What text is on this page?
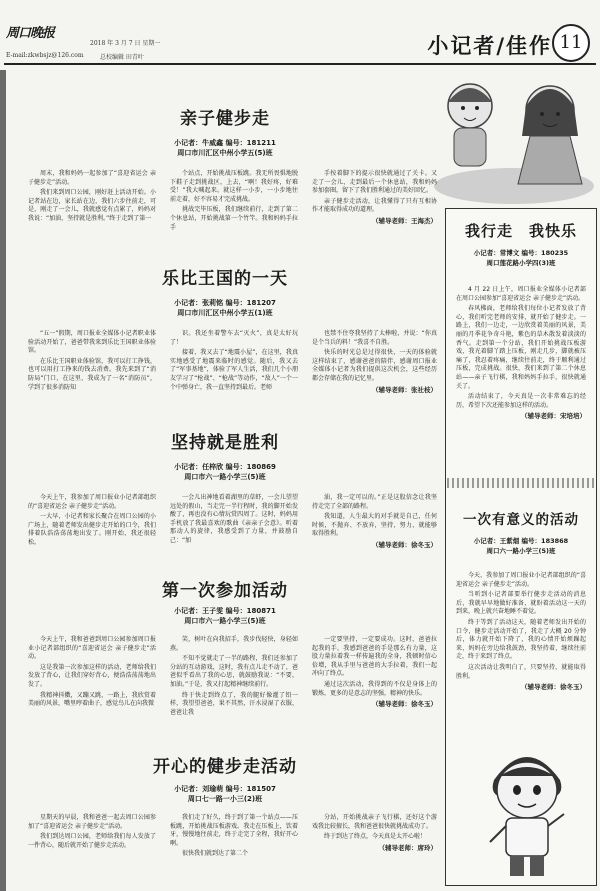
周口晚报
2018 年 3 月 7 日 星期一
E-mail:zkwbsjz@126.com	总校编辑 田青叶	小记者/佳作 11
亲子健步走
小记者：牛威鑫 编号：181211
周口市川汇区中州小学五(5)班

周末，我和妈妈一起参加了“喜迎省运会 亲子健步走”活动。

我们来到周口公园，刚好赶上活动开始。小记者站在边，家长站在边，我们六步往前走，可是，刚走了一会儿，我就感觉有点累了，妈妈对我说：“加油，坚持就是胜利。”终于走到了第一

个站点，开始挑战压板跳。我无所畏惧地脱下鞋子走到挑战区，上去，“啊！我好疼，好难受！”我大喊起来。就这样一小步，一小步地往前走着，好不容易才完成挑战。

挑战完毕压板，我们继续前行，走到了第二个休息站，开始挑战第一个竹竿。我和妈妈手拉手

手按着脚下的提示很快就通过了关卡。又走了一会儿，走到最后一个休息站，我和妈妈参加套圈，留下了我们胜利通过的美好回忆。

亲子健步走活动，让我懂得了只有互相协作才能取得成功的道理。

（辅导老师：王海杰）
乐比王国的一天
小记者：张莉铭 编号：181207
周口市川汇区中州小学五(1)班

“五一”假期，周口报业全媒体小记者职业体验活动开始了，爸爸带我来到乐比王国职业体验馆。

在乐比王国职业体验馆，我可以打工挣钱，也可以用打工挣来的钱去消费。我先来到了“消防局”门口，在这里，我成为了一名“消防员”，学到了很多消防知

识。我还坐着警车去“灭火”，真是太好玩了！

接着，我又去了“地震小屋”，在这里，我真实地感受了地震来临时的感觉。随后，我又去了“军事基地”，体验了军人生活，我们几个小朋友学习了“枪战”、“枪战”等动作，“敌人”一个一个中弹身亡，我一直坚持到最后。老师

也禁不住夸我坚持了太棒啦，并说：“你真是个当兵的料！”我喜不自胜。

快乐的时光总是过得很快，一天的体验就这样结束了，感谢爸爸的陪伴，感谢周口报业全媒体小记者为我们提供这次机会，这些经历都会存储在我的记忆里。

（辅导老师：张社枝）
坚持就是胜利
小记者：任梓欣 编号：180869
周口市六一路小学三(5)班

今天上午，我参加了周口报业小记者部组织的“喜迎省运会 亲子健步走”活动。

一大早，小记者和家长聚合在周口公园的小广场上，随着老师发出健步走开始的口令，我们排着队浩浩荡荡地出发了。刚开始，我还很轻松。

一会儿出神地看着湖里的草虾，一会儿望望远处的假山，当走完一半行程时，我的脚开始发酸了，再也没有心情玩赏四周了。这时，妈妈用手机放了我最喜欢的歌曲《亲亲子会意》。听着那动人的旋律，我感受到了力量，并鼓励自己：“加

油，我一定可以的。”正是这股信念让我坚持走完了全部的路程。

我知道，人生最大的对手就是自己，任何时候，不抛弃、不放弃，坚持，努力，就能够取得胜利。

（辅导老师：徐冬玉）
第一次参加活动
小记者：王子雯 编号：180871
周口市六一路小学三(5)班

今天上午，我和爸爸到周口公园参加周口报业小记者部组织的“喜迎省运会 亲子健步走”活动。

这是我第一次参加这样的活动，老师给我们发放了背心，让我们穿好背心，便浩浩荡荡地出发了。

我精神抖擞，又蹦又跳，一路上，我欣赏着美丽的风景，嘴里哼着曲子，感觉鸟儿在向我微

笑，树叶在向我招手，我步伐轻快，身轻如燕。

不知不觉就走了一半的路程，我们还参加了分站的互动游戏，这时，我有点儿走不动了，爸爸似乎看出了我的心思，就鼓励我说：“不要，加油。”于是，我又打起精神继续前行。

终于快走到终点了，我的腿好像灌了铅一样，我望望爸爸，果不其然，汗水浸湿了衣服，爸爸让我

一定要坚持，一定要成功。这时，爸爸拉起我的手，我感到爸爸的手是那么有力量，这股力量拉着我一样传遍我的全身，我顿时信心倍增，我从手里与爸爸的大手拉着，我们一起冲向了终点。

通过这次活动，我得到的不仅是身体上的锻炼，更多的是意志的坚强，精神的快乐。

（辅导老师：徐冬玉）
开心的健步走活动
小记者：刘瑜萌 编号：181507
周口七一路一小三(2)班

星期天的早晨，我和爸爸一起去周口公园参加了“喜迎省运会 亲子健步走”活动。

我们到达周口公园，老师给我们每人发放了一件背心，随后就开始了健步走活动。

我们走了好久，终于到了第一个站点——压板跳，开始挑战压板游戏。我走在压板上，饮着牙，慢慢地往前走，终于走完了全程，我好开心啊。

很快我们就到达了第二个

分站，开始挑战亲子飞行棋，还好这个游戏我比较擅长，我和爸爸很快就挑战成功了。

终于到达了终点，今天真是太开心啦！

（辅导老师：席玲）
我行走　我快乐
小记者：常博文 编号：180235
周口莲花路小学四(3)班

4 月 22 日上午，周口报业全媒体小记者部在周口公园参加“喜迎省运会 亲子健步走”活动。

春风拂面，老师给我们每位小记者发放了背心，我们听完老师的安排，就开始了健步走。一路上，我们一边走，一边欣赏着美丽的风景，美丽的月季花争奇斗艳，紫色的草木散发着淡淡的香气。走到第一个分站，我们开始挑战压板游戏，我光着脚丫踏上压板，刚走几步，脚就被压痛了，我忍着疼痛，继续往前走，终于顺利通过压板，完成挑战。很快，我们来到了第二个休息站——亲子飞行棋，我和妈妈手拉手，很快就通关了。

活动结束了，今天真是一次非常难忘的经历，希望下次还能参加这样的活动。

（辅导老师：宋培培）
一次有意义的活动
小记者：王紫烟 编号：183868
周口六一路小学三(5)班

今天，我参加了周口报业小记者部组织的“喜迎省运会 亲子健步走”活动。

当听到小记者部要举行健步走活动的消息后，我就早早地做好准备，就盼着活动这一天的到来，晚上就兴奋地睡不着觉。

终于等到了活动这天，随着老师发出开始的口令，健步走活动开始了，我走了大概 20 分钟后，体力就开始下降了，我的心情开始烦躁起来，妈妈在旁边给我鼓劲，我坚持着，继续往前走，终于来到了终点。

这次活动让我明白了，只要坚持，就能取得胜利。

（辅导老师：徐冬玉）
